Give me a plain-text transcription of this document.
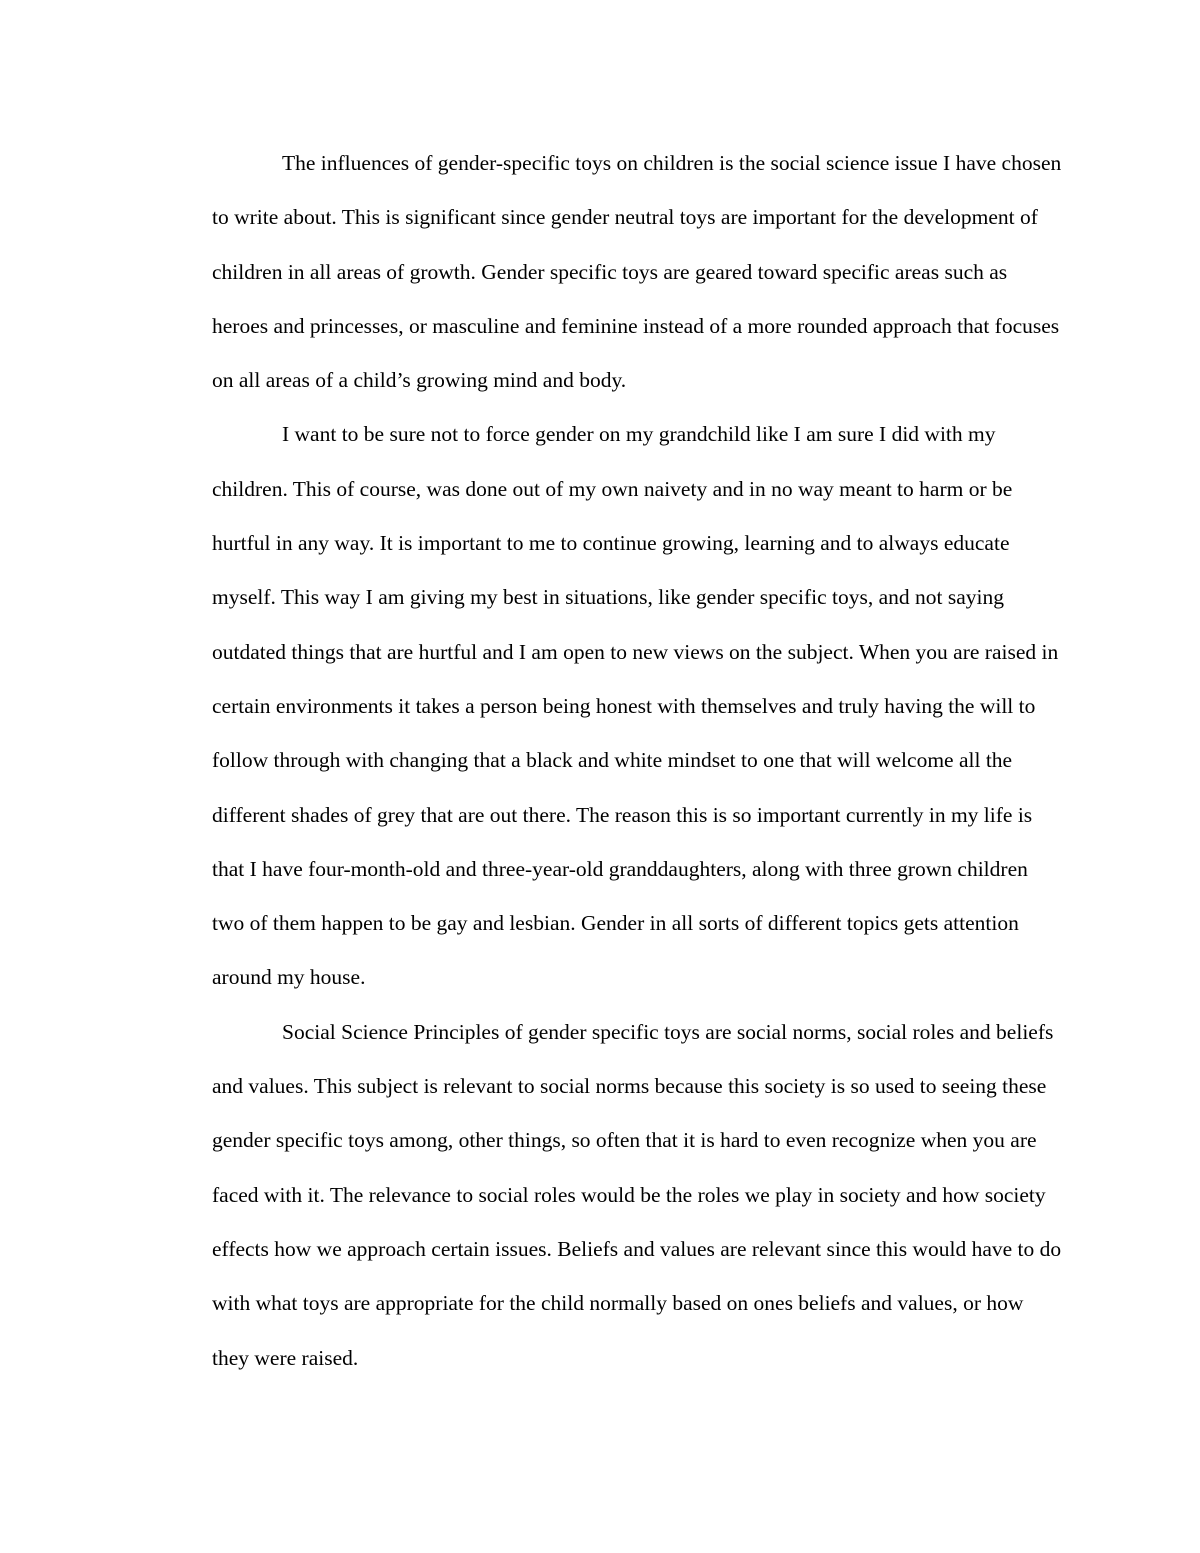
The influences of gender-specific toys on children is the social science issue I have chosen to write about. This is significant since gender neutral toys are important for the development of children in all areas of growth. Gender specific toys are geared toward specific areas such as heroes and princesses, or masculine and feminine instead of a more rounded approach that focuses on all areas of a child’s growing mind and body.

I want to be sure not to force gender on my grandchild like I am sure I did with my children. This of course, was done out of my own naivety and in no way meant to harm or be hurtful in any way. It is important to me to continue growing, learning and to always educate myself. This way I am giving my best in situations, like gender specific toys, and not saying outdated things that are hurtful and I am open to new views on the subject. When you are raised in certain environments it takes a person being honest with themselves and truly having the will to follow through with changing that a black and white mindset to one that will welcome all the different shades of grey that are out there. The reason this is so important currently in my life is that I have four-month-old and three-year-old granddaughters, along with three grown children two of them happen to be gay and lesbian. Gender in all sorts of different topics gets attention around my house.

Social Science Principles of gender specific toys are social norms, social roles and beliefs and values. This subject is relevant to social norms because this society is so used to seeing these gender specific toys among, other things, so often that it is hard to even recognize when you are faced with it. The relevance to social roles would be the roles we play in society and how society effects how we approach certain issues. Beliefs and values are relevant since this would have to do with what toys are appropriate for the child normally based on ones beliefs and values, or how they were raised.
